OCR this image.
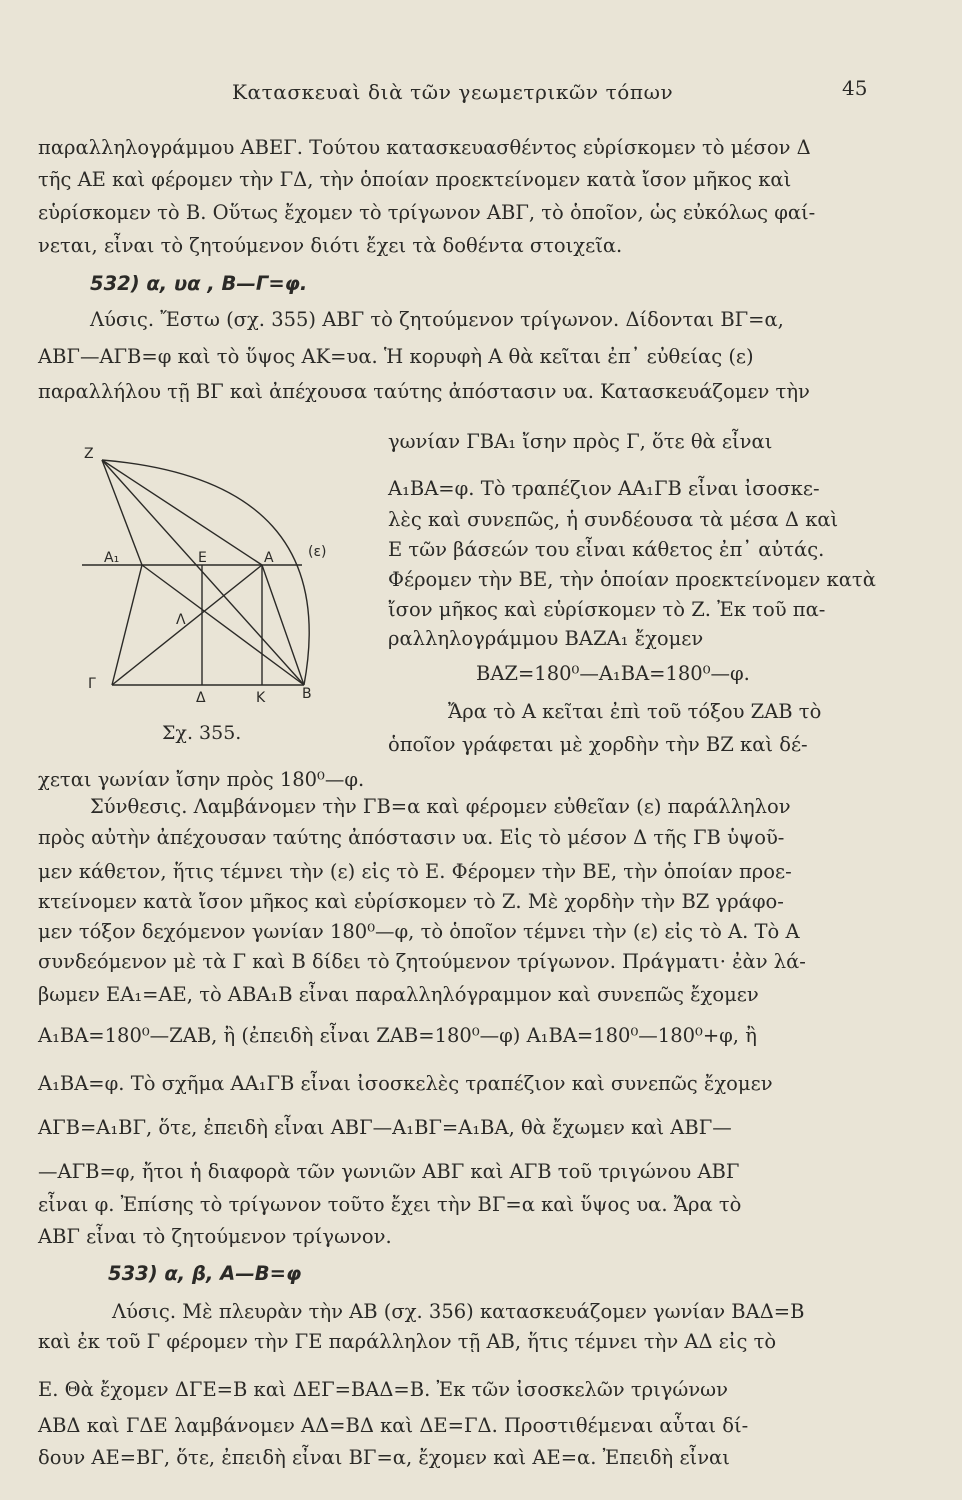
Κατασκευαὶ διὰ τῶν γεωμετρικῶν τόπων	45
παραλληλογράμμου ΑΒΕΓ. Τούτου κατασκευασθέντος εὑρίσκομεν τὸ μέσον Δ
τῆς ΑΕ καὶ φέρομεν τὴν ΓΔ, τὴν ὁποίαν προεκτείνομεν κατὰ ἴσον μῆκος καὶ
εὑρίσκομεν τὸ Β. Οὕτως ἔχομεν τὸ τρίγωνον ΑΒΓ, τὸ ὁποῖον, ὡς εὐκόλως φαί-
νεται, εἶναι τὸ ζητούμενον διότι ἔχει τὰ δοθέντα στοιχεῖα.
532) α, υα , Β—Γ=φ.
Λύσις. Ἔστω (σχ. 355) ΑΒΓ τὸ ζητούμενον τρίγωνον. Δίδονται ΒΓ=α,
ΑΒΓ—ΑΓΒ=φ καὶ τὸ ὕψος ΑΚ=υα. Ἡ κορυφὴ Α θὰ κεῖται ἐπ᾽ εὐθείας (ε)
παραλλήλου τῇ ΒΓ καὶ ἀπέχουσα ταύτης ἀπόστασιν υα. Κατασκευάζομεν τὴν
γωνίαν ΓΒΑ₁ ἴσην πρὸς Γ, ὅτε θὰ εἶναι
Α₁ΒΑ=φ. Τὸ τραπέζιον ΑΑ₁ΓΒ εἶναι ἰσοσκε-
λὲς καὶ συνεπῶς, ἡ συνδέουσα τὰ μέσα Δ καὶ
Ε τῶν βάσεών του εἶναι κάθετος ἐπ᾽ αὐτάς.
Φέρομεν τὴν ΒΕ, τὴν ὁποίαν προεκτείνομεν κατὰ
ἴσον μῆκος καὶ εὑρίσκομεν τὸ Ζ. Ἐκ τοῦ πα-
ραλληλογράμμου ΒΑΖΑ₁ ἔχομεν
ΒΑΖ=180⁰—Α₁ΒΑ=180⁰—φ.
Ἄρα τὸ Α κεῖται ἐπὶ τοῦ τόξου ΖΑΒ τὸ
ὁποῖον γράφεται μὲ χορδὴν τὴν ΒΖ καὶ δέ-
Ζ
Α₁	Ε	Α (ε)
Λ
Γ
Δ	Κ	Β
Σχ. 355.
χεται γωνίαν ἴσην πρὸς 180⁰—φ.
Σύνθεσις. Λαμβάνομεν τὴν ΓΒ=α καὶ φέρομεν εὐθεῖαν (ε) παράλληλον
πρὸς αὐτὴν ἀπέχουσαν ταύτης ἀπόστασιν υα. Εἰς τὸ μέσον Δ τῆς ΓΒ ὑψοῦ-
μεν κάθετον, ἥτις τέμνει τὴν (ε) εἰς τὸ Ε. Φέρομεν τὴν ΒΕ, τὴν ὁποίαν προε-
κτείνομεν κατὰ ἴσον μῆκος καὶ εὑρίσκομεν τὸ Ζ. Μὲ χορδὴν τὴν ΒΖ γράφο-
μεν τόξον δεχόμενον γωνίαν 180⁰—φ, τὸ ὁποῖον τέμνει τὴν (ε) εἰς τὸ Α. Τὸ Α
συνδεόμενον μὲ τὰ Γ καὶ Β δίδει τὸ ζητούμενον τρίγωνον. Πράγματι· ἐὰν λά-
βωμεν ΕΑ₁=ΑΕ, τὸ ΑΒΑ₁Β εἶναι παραλληλόγραμμον καὶ συνεπῶς ἔχομεν
Α₁ΒΑ=180⁰—ΖΑΒ, ἢ (ἐπειδὴ εἶναι ΖΑΒ=180⁰—φ) Α₁ΒΑ=180⁰—180⁰+φ, ἢ
Α₁ΒΑ=φ. Τὸ σχῆμα ΑΑ₁ΓΒ εἶναι ἰσοσκελὲς τραπέζιον καὶ συνεπῶς ἔχομεν
ΑΓΒ=Α₁ΒΓ, ὅτε, ἐπειδὴ εἶναι ΑΒΓ—Α₁ΒΓ=Α₁ΒΑ, θὰ ἔχωμεν καὶ ΑΒΓ—
—ΑΓΒ=φ, ἤτοι ἡ διαφορὰ τῶν γωνιῶν ΑΒΓ καὶ ΑΓΒ τοῦ τριγώνου ΑΒΓ
εἶναι φ. Ἐπίσης τὸ τρίγωνον τοῦτο ἔχει τὴν ΒΓ=α καὶ ὕψος υα. Ἄρα τὸ
ΑΒΓ εἶναι τὸ ζητούμενον τρίγωνον.
533) α, β, Α—Β=φ
Λύσις. Μὲ πλευρὰν τὴν ΑΒ (σχ. 356) κατασκευάζομεν γωνίαν ΒΑΔ=Β
καὶ ἐκ τοῦ Γ φέρομεν τὴν ΓΕ παράλληλον τῇ ΑΒ, ἥτις τέμνει τὴν ΑΔ εἰς τὸ
Ε. Θὰ ἔχομεν ΔΓΕ=Β καὶ ΔΕΓ=ΒΑΔ=Β. Ἐκ τῶν ἰσοσκελῶν τριγώνων
ΑΒΔ καὶ ΓΔΕ λαμβάνομεν ΑΔ=ΒΔ καὶ ΔΕ=ΓΔ. Προστιθέμεναι αὗται δί-
δουν ΑΕ=ΒΓ, ὅτε, ἐπειδὴ εἶναι ΒΓ=α, ἔχομεν καὶ ΑΕ=α. Ἐπειδὴ εἶναι
